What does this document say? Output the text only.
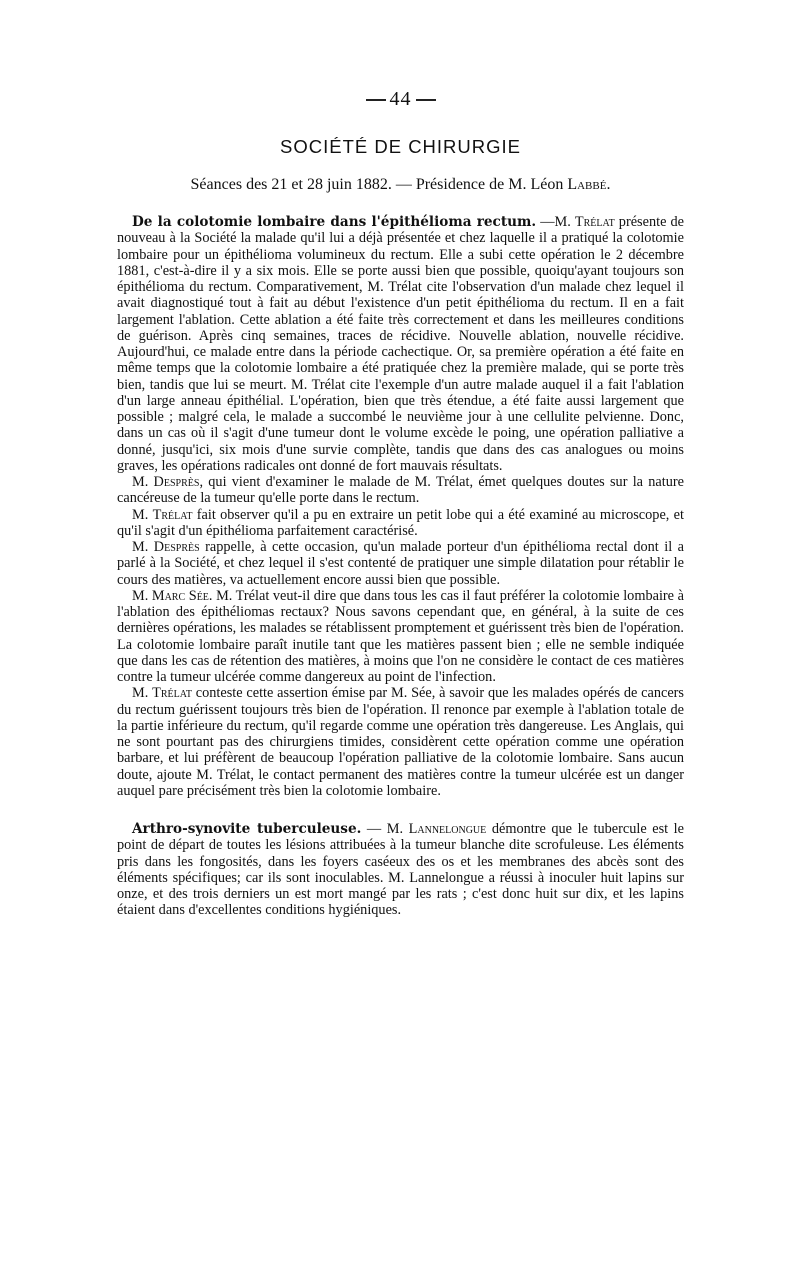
44
SOCIÉTÉ DE CHIRURGIE
Séances des 21 et 28 juin 1882. — Présidence de M. Léon Labbé.

De la colotomie lombaire dans l'épithélioma rectum. —M. Trélat présente de nouveau à la Société la malade qu'il lui a déjà présentée et chez laquelle il a pratiqué la colotomie lombaire pour un épithélioma volumineux du rectum. Elle a subi cette opération le 2 décembre 1881, c'est-à-dire il y a six mois. Elle se porte aussi bien que possible, quoiqu'ayant toujours son épithélioma du rectum. Comparativement, M. Trélat cite l'observation d'un malade chez lequel il avait diagnostiqué tout à fait au début l'existence d'un petit épithélioma du rectum. Il en a fait largement l'ablation. Cette ablation a été faite très correctement et dans les meilleures conditions de guérison. Après cinq semaines, traces de récidive. Nouvelle ablation, nouvelle récidive. Aujourd'hui, ce malade entre dans la période cachectique. Or, sa première opération a été faite en même temps que la colotomie lombaire a été pratiquée chez la première malade, qui se porte très bien, tandis que lui se meurt. M. Trélat cite l'exemple d'un autre malade auquel il a fait l'ablation d'un large anneau épithélial. L'opération, bien que très étendue, a été faite aussi largement que possible ; malgré cela, le malade a succombé le neuvième jour à une cellulite pelvienne. Donc, dans un cas où il s'agit d'une tumeur dont le volume excède le poing, une opération palliative a donné, jusqu'ici, six mois d'une survie complète, tandis que dans des cas analogues ou moins graves, les opérations radicales ont donné de fort mauvais résultats.

M. Desprès, qui vient d'examiner le malade de M. Trélat, émet quelques doutes sur la nature cancéreuse de la tumeur qu'elle porte dans le rectum.

M. Trélat fait observer qu'il a pu en extraire un petit lobe qui a été examiné au microscope, et qu'il s'agit d'un épithélioma parfaitement caractérisé.

M. Desprès rappelle, à cette occasion, qu'un malade porteur d'un épithélioma rectal dont il a parlé à la Société, et chez lequel il s'est contenté de pratiquer une simple dilatation pour rétablir le cours des matières, va actuellement encore aussi bien que possible.

M. Marc Sée. M. Trélat veut-il dire que dans tous les cas il faut préférer la colotomie lombaire à l'ablation des épithéliomas rectaux? Nous savons cependant que, en général, à la suite de ces dernières opérations, les malades se rétablissent promptement et guérissent très bien de l'opération. La colotomie lombaire paraît inutile tant que les matières passent bien ; elle ne semble indiquée que dans les cas de rétention des matières, à moins que l'on ne considère le contact de ces matières contre la tumeur ulcérée comme dangereux au point de l'infection.

M. Trélat conteste cette assertion émise par M. Sée, à savoir que les malades opérés de cancers du rectum guérissent toujours très bien de l'opération. Il renonce par exemple à l'ablation totale de la partie inférieure du rectum, qu'il regarde comme une opération très dangereuse. Les Anglais, qui ne sont pourtant pas des chirurgiens timides, considèrent cette opération comme une opération barbare, et lui préfèrent de beaucoup l'opération palliative de la colotomie lombaire. Sans aucun doute, ajoute M. Trélat, le contact permanent des matières contre la tumeur ulcérée est un danger auquel pare précisément très bien la colotomie lombaire.

Arthro-synovite tuberculeuse. — M. Lannelongue démontre que le tubercule est le point de départ de toutes les lésions attribuées à la tumeur blanche dite scrofuleuse. Les éléments pris dans les fongosités, dans les foyers caséeux des os et les membranes des abcès sont des éléments spécifiques; car ils sont inoculables. M. Lannelongue a réussi à inoculer huit lapins sur onze, et des trois derniers un est mort mangé par les rats ; c'est donc huit sur dix, et les lapins étaient dans d'excellentes conditions hygiéniques.
